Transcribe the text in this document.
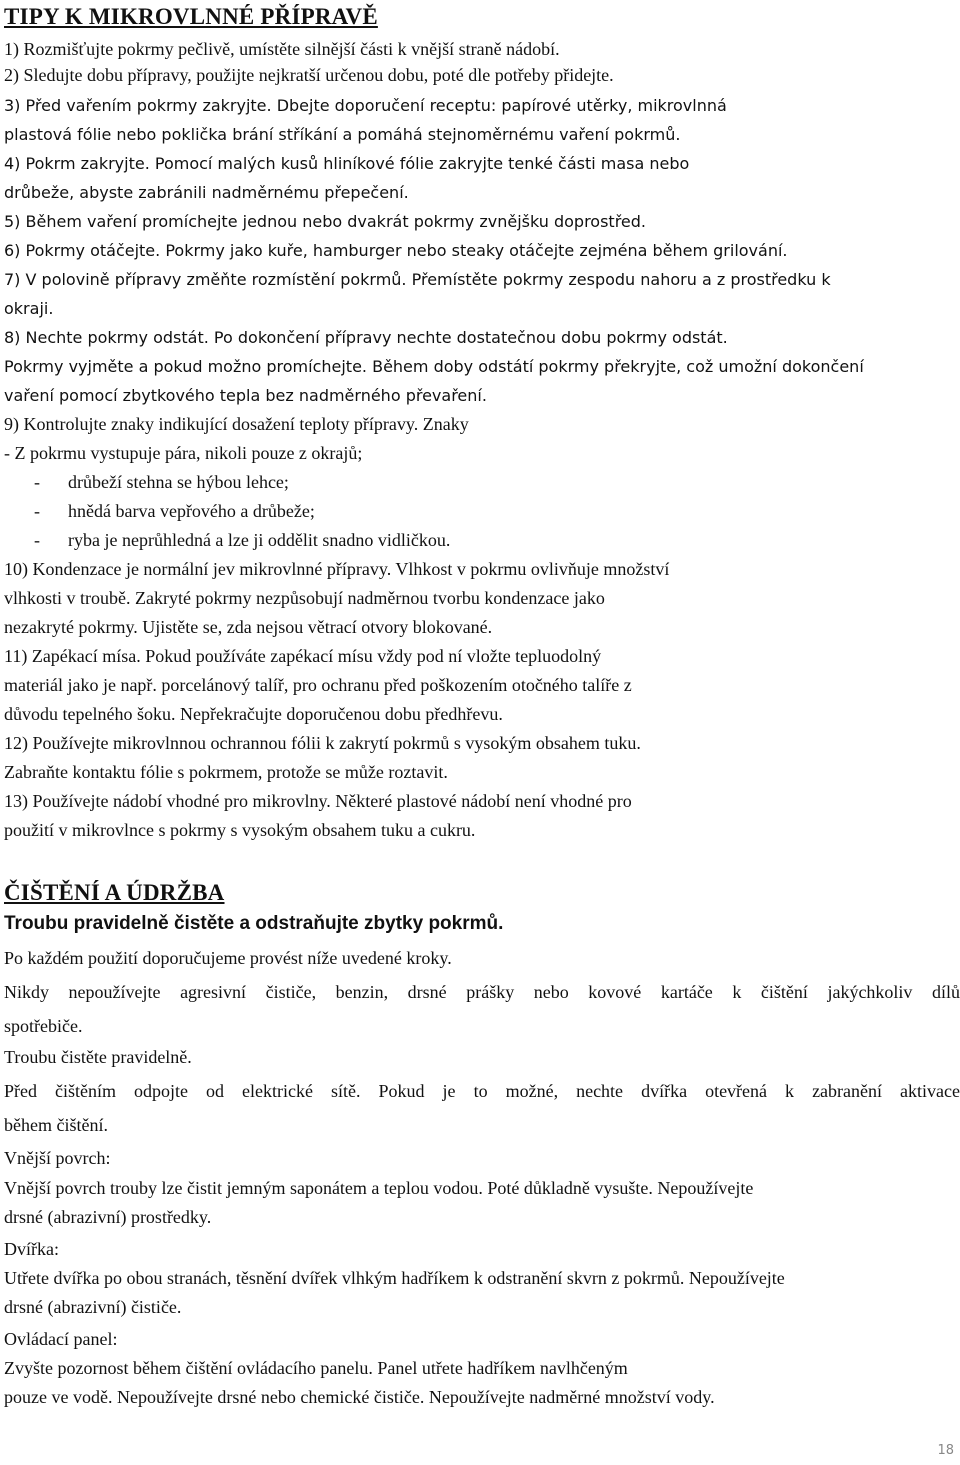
TIPY K MIKROVLNNÉ PŘÍPRAVĚ
1) Rozmišťujte pokrmy pečlivě, umístěte silnější části k vnější straně nádobí.
2) Sledujte dobu přípravy, použijte nejkratší určenou dobu, poté dle potřeby přidejte.
3) Před vařením pokrmy zakryjte. Dbejte doporučení receptu: papírové utěrky, mikrovlnná
plastová fólie nebo poklička brání stříkání a pomáhá stejnoměrnému vaření pokrmů.
4) Pokrm zakryjte. Pomocí malých kusů hliníkové fólie zakryjte tenké části masa nebo
drůbeže, abyste zabránili nadměrnému přepečení.
5) Během vaření promíchejte jednou nebo dvakrát pokrmy zvnějšku doprostřed.
6) Pokrmy otáčejte. Pokrmy jako kuře, hamburger nebo steaky otáčejte zejména během grilování.
7) V polovině přípravy změňte rozmístění pokrmů. Přemístěte pokrmy zespodu nahoru a z prostředku k
okraji.
8) Nechte pokrmy odstát. Po dokončení přípravy nechte dostatečnou dobu pokrmy odstát.
Pokrmy vyjměte a pokud možno promíchejte. Během doby odstátí pokrmy překryjte, což umožní dokončení
vaření pomocí zbytkového tepla bez nadměrného převaření.
9) Kontrolujte znaky indikující dosažení teploty přípravy. Znaky
- Z pokrmu vystupuje pára, nikoli pouze z okrajů;
- drůbeží stehna se hýbou lehce;
- hnědá barva vepřového a drůbeže;
- ryba je neprůhledná a lze ji oddělit snadno vidličkou.
10) Kondenzace je normální jev mikrovlnné přípravy. Vlhkost v pokrmu ovlivňuje množství
vlhkosti v troubě. Zakryté pokrmy nezpůsobují nadměrnou tvorbu kondenzace jako
nezakryté pokrmy. Ujistěte se, zda nejsou větrací otvory blokované.
11) Zapékací mísa. Pokud používáte zapékací mísu vždy pod ní vložte tepluodolný
materiál jako je např. porcelánový talíř, pro ochranu před poškozením otočného talíře z
důvodu tepelného šoku. Nepřekračujte doporučenou dobu předhřevu.
12) Používejte mikrovlnnou ochrannou fólii k zakrytí pokrmů s vysokým obsahem tuku.
Zabraňte kontaktu fólie s pokrmem, protože se může roztavit.
13) Používejte nádobí vhodné pro mikrovlny. Některé plastové nádobí není vhodné pro
použití v mikrovlnce s pokrmy s vysokým obsahem tuku a cukru.
ČIŠTĚNÍ A ÚDRŽBA
Troubu pravidelně čistěte a odstraňujte zbytky pokrmů.
Po každém použití doporučujeme provést níže uvedené kroky.
Nikdy nepoužívejte agresivní čističe, benzin, drsné prášky nebo kovové kartáče k čištění jakýchkoliv dílů
spotřebiče.
Troubu čistěte pravidelně.
Před čištěním odpojte od elektrické sítě. Pokud je to možné, nechte dvířka otevřená k zabranění aktivace
během čištění.
Vnější povrch:
Vnější povrch trouby lze čistit jemným saponátem a teplou vodou. Poté důkladně vysušte. Nepoužívejte
drsné (abrazivní) prostředky.
Dvířka:
Utřete dvířka po obou stranách, těsnění dvířek vlhkým hadříkem k odstranění skvrn z pokrmů. Nepoužívejte
drsné (abrazivní) čističe.
Ovládací panel:
Zvyšte pozornost během čištění ovládacího panelu. Panel utřete hadříkem navlhčeným
pouze ve vodě. Nepoužívejte drsné nebo chemické čističe. Nepoužívejte nadměrné množství vody.
18
